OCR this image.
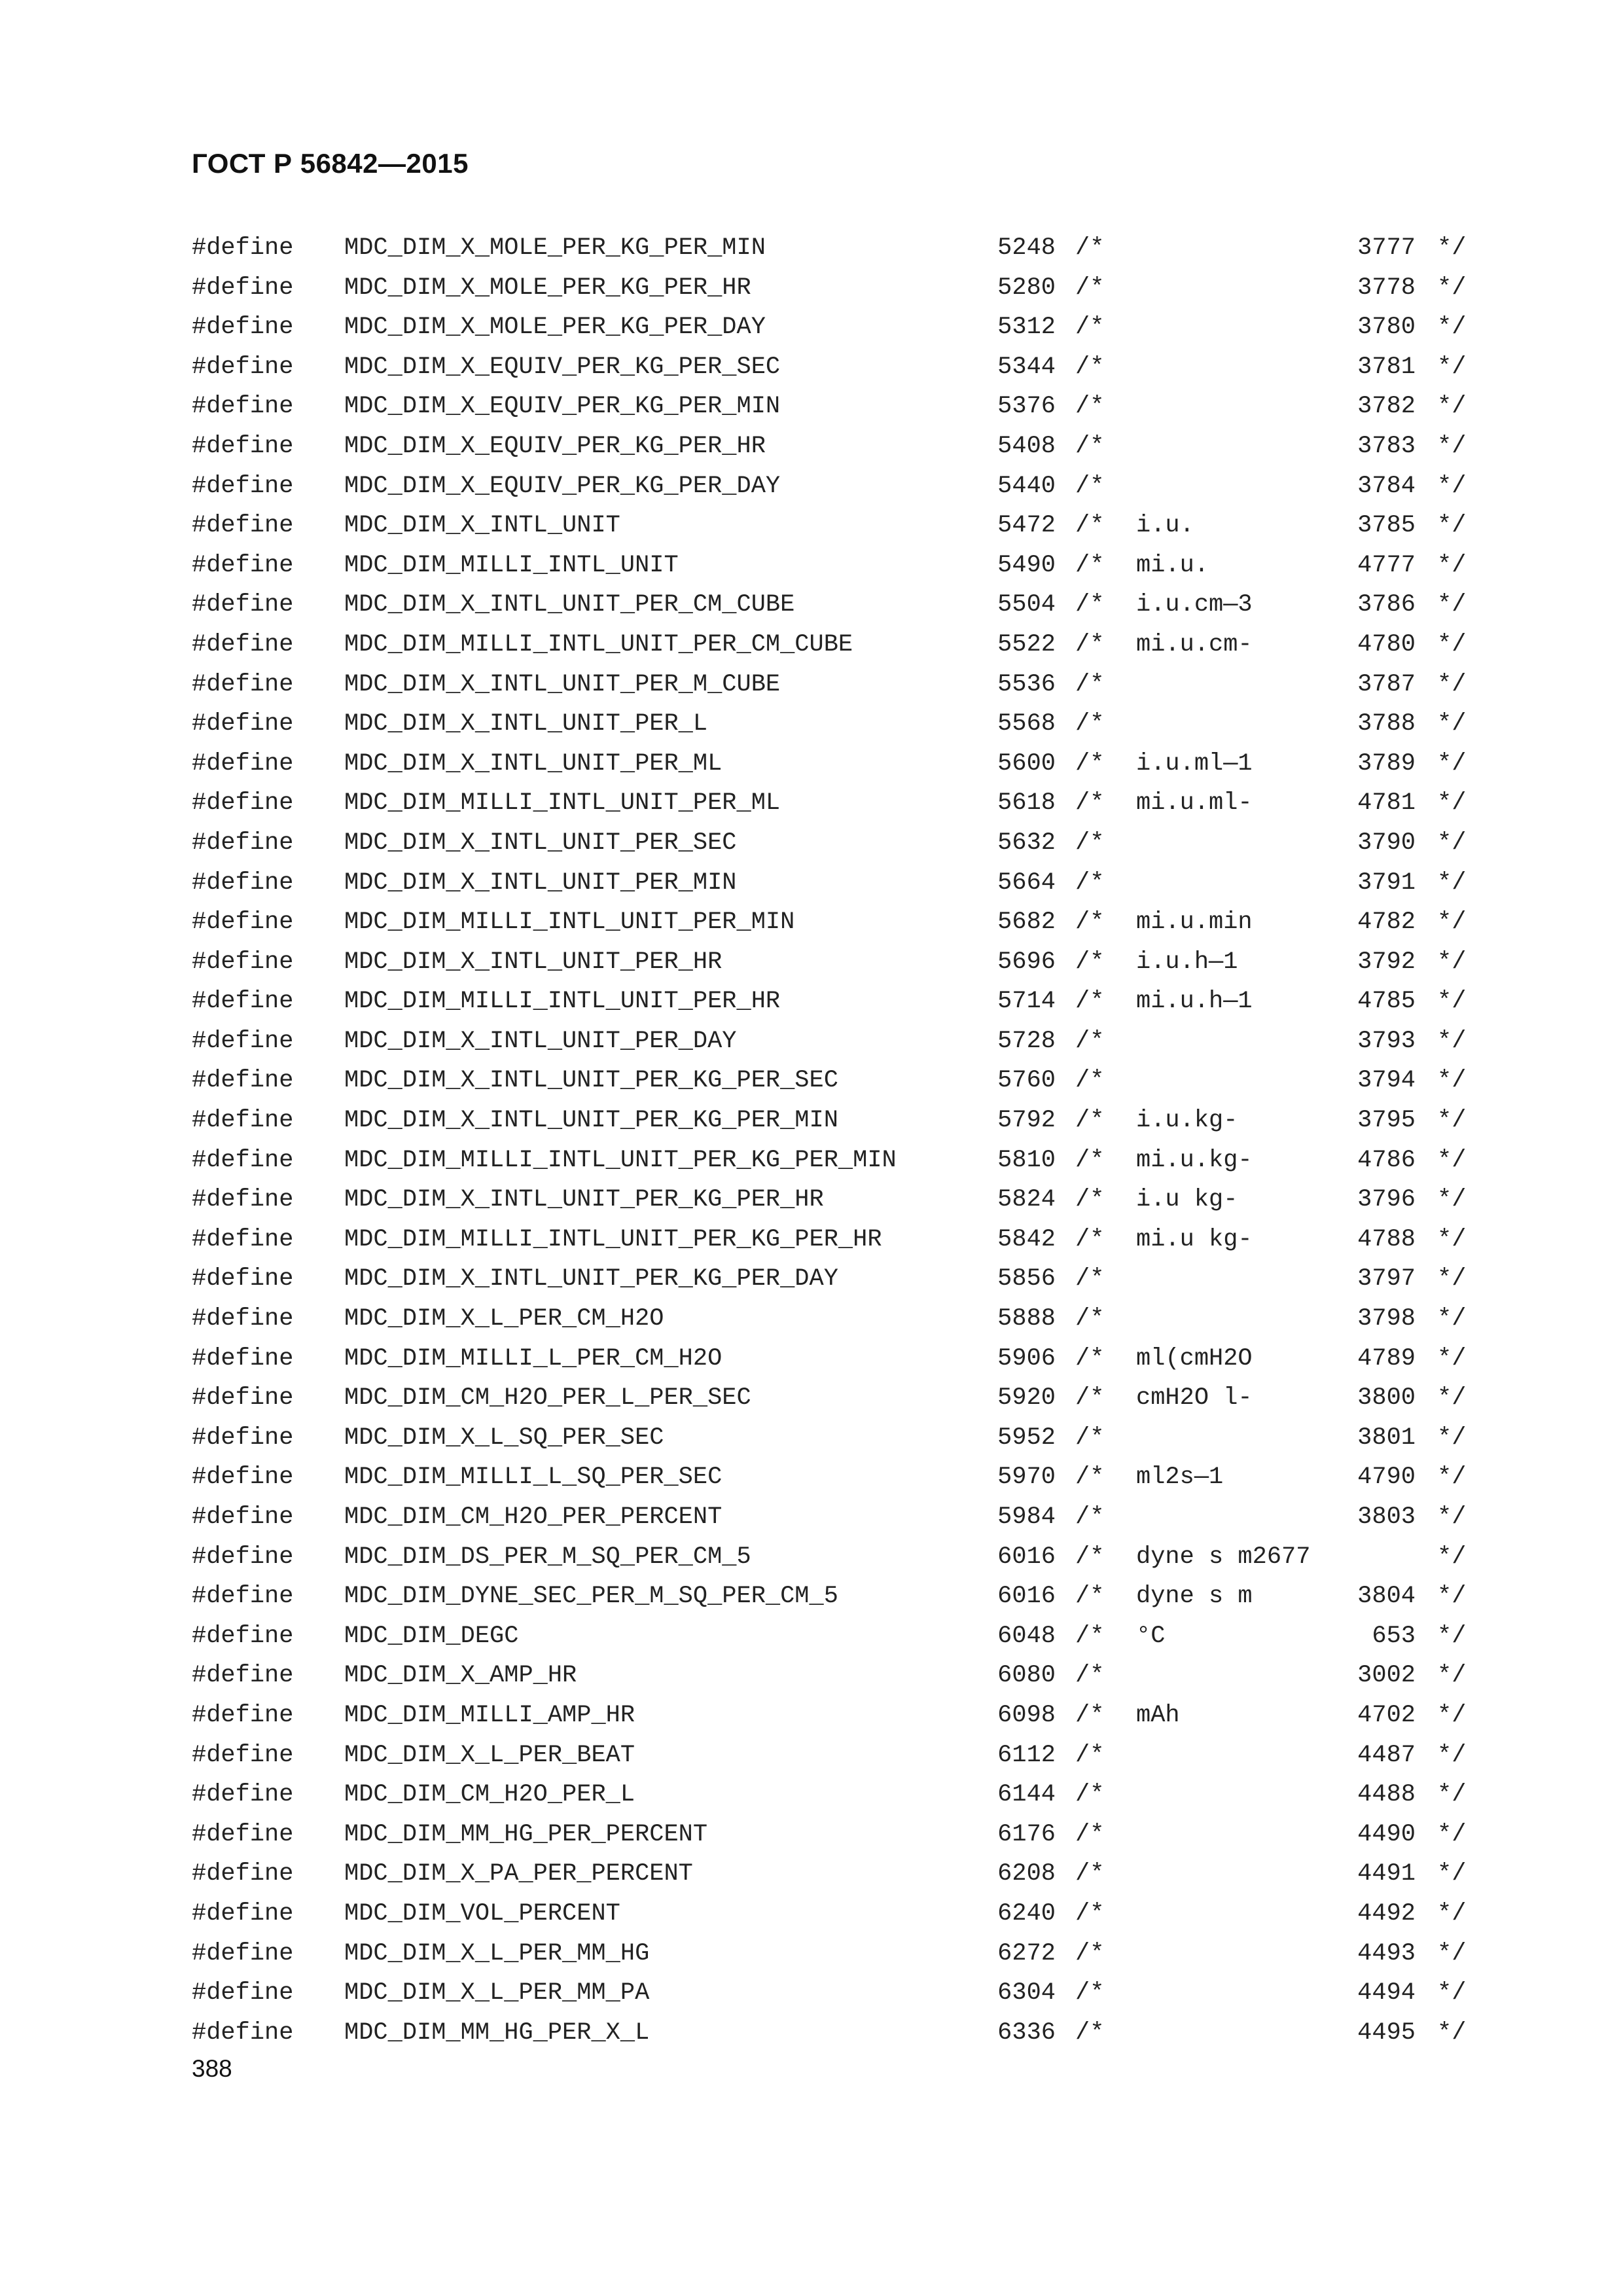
ГОСТ Р 56842—2015
#define MDC_DIM_X_MOLE_PER_KG_PER_MIN	5248 /*	3777 */
#define MDC_DIM_X_MOLE_PER_KG_PER_HR	5280 /*	3778 */
#define MDC_DIM_X_MOLE_PER_KG_PER_DAY	5312 /*	3780 */
#define MDC_DIM_X_EQUIV_PER_KG_PER_SEC	5344 /*	3781 */
#define MDC_DIM_X_EQUIV_PER_KG_PER_MIN	5376 /*	3782 */
#define MDC_DIM_X_EQUIV_PER_KG_PER_HR	5408 /*	3783 */
#define MDC_DIM_X_EQUIV_PER_KG_PER_DAY	5440 /*	3784 */
#define MDC_DIM_X_INTL_UNIT	5472 /* i.u.	3785 */
#define MDC_DIM_MILLI_INTL_UNIT	5490 /* mi.u.	4777 */
#define MDC_DIM_X_INTL_UNIT_PER_CM_CUBE	5504 /* i.u.cm—3	3786 */
#define MDC_DIM_MILLI_INTL_UNIT_PER_CM_CUBE	5522 /* mi.u.cm-	4780 */
#define MDC_DIM_X_INTL_UNIT_PER_M_CUBE	5536 /*	3787 */
#define MDC_DIM_X_INTL_UNIT_PER_L	5568 /*	3788 */
#define MDC_DIM_X_INTL_UNIT_PER_ML	5600 /* i.u.ml—1	3789 */
#define MDC_DIM_MILLI_INTL_UNIT_PER_ML	5618 /* mi.u.ml-	4781 */
#define MDC_DIM_X_INTL_UNIT_PER_SEC	5632 /*	3790 */
#define MDC_DIM_X_INTL_UNIT_PER_MIN	5664 /*	3791 */
#define MDC_DIM_MILLI_INTL_UNIT_PER_MIN	5682 /* mi.u.min	4782 */
#define MDC_DIM_X_INTL_UNIT_PER_HR	5696 /* i.u.h—1	3792 */
#define MDC_DIM_MILLI_INTL_UNIT_PER_HR	5714 /* mi.u.h—1	4785 */
#define MDC_DIM_X_INTL_UNIT_PER_DAY	5728 /*	3793 */
#define MDC_DIM_X_INTL_UNIT_PER_KG_PER_SEC	5760 /*	3794 */
#define MDC_DIM_X_INTL_UNIT_PER_KG_PER_MIN	5792 /* i.u.kg-	3795 */
#define MDC_DIM_MILLI_INTL_UNIT_PER_KG_PER_MIN	5810 /* mi.u.kg-	4786 */
#define MDC_DIM_X_INTL_UNIT_PER_KG_PER_HR	5824 /* i.u kg-	3796 */
#define MDC_DIM_MILLI_INTL_UNIT_PER_KG_PER_HR	5842 /* mi.u kg-	4788 */
#define MDC_DIM_X_INTL_UNIT_PER_KG_PER_DAY	5856 /*	3797 */
#define MDC_DIM_X_L_PER_CM_H2O	5888 /*	3798 */
#define MDC_DIM_MILLI_L_PER_CM_H2O	5906 /* ml(cmH2O	4789 */
#define MDC_DIM_CM_H2O_PER_L_PER_SEC	5920 /* cmH2O l-	3800 */
#define MDC_DIM_X_L_SQ_PER_SEC	5952 /*	3801 */
#define MDC_DIM_MILLI_L_SQ_PER_SEC	5970 /* ml2s—1	4790 */
#define MDC_DIM_CM_H2O_PER_PERCENT	5984 /*	3803 */
#define MDC_DIM_DS_PER_M_SQ_PER_CM_5	6016 /* dyne s m2677	*/
#define MDC_DIM_DYNE_SEC_PER_M_SQ_PER_CM_5	6016 /* dyne s m	3804 */
#define MDC_DIM_DEGC	6048 /* °C	653 */
#define MDC_DIM_X_AMP_HR	6080 /*	3002 */
#define MDC_DIM_MILLI_AMP_HR	6098 /* mAh	4702 */
#define MDC_DIM_X_L_PER_BEAT	6112 /*	4487 */
#define MDC_DIM_CM_H2O_PER_L	6144 /*	4488 */
#define MDC_DIM_MM_HG_PER_PERCENT	6176 /*	4490 */
#define MDC_DIM_X_PA_PER_PERCENT	6208 /*	4491 */
#define MDC_DIM_VOL_PERCENT	6240 /*	4492 */
#define MDC_DIM_X_L_PER_MM_HG	6272 /*	4493 */
#define MDC_DIM_X_L_PER_MM_PA	6304 /*	4494 */
#define MDC_DIM_MM_HG_PER_X_L	6336 /*	4495 */
388
